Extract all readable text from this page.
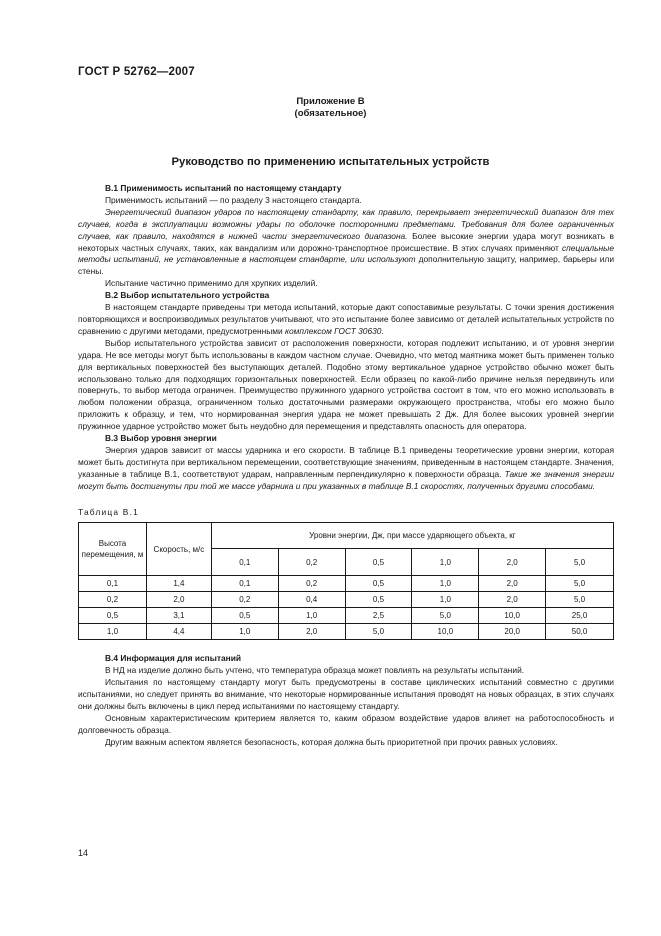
ГОСТ Р 52762—2007
Приложение В
(обязательное)
Руководство по применению испытательных устройств

В.1 Применимость испытаний по настоящему стандарту

Применимость испытаний — по разделу 3 настоящего стандарта.

Энергетический диапазон ударов по настоящему стандарту, как правило, перекрывает энергетический диапазон для тех случаев, когда в эксплуатации возможны удары по оболочке посторонними предметами. Требования для более ограниченных случаев, как правило, находятся в нижней части энергетического диапазона. Более высокие энергии удара могут возникать в некоторых частных случаях, таких, как вандализм или дорожно-транспортное происшествие. В этих случаях применяют специальные методы испытаний, не установленные в настоящем стандарте, или используют дополнительную защиту, например, барьеры или стены.

Испытание частично применимо для хрупких изделий.

В.2 Выбор испытательного устройства

В настоящем стандарте приведены три метода испытаний, которые дают сопоставимые результаты. С точки зрения достижения повторяющихся и воспроизводимых результатов учитывают, что это испытание более зависимо от деталей испытательных устройств по сравнению с другими методами, предусмотренными комплексом ГОСТ 30630.

Выбор испытательного устройства зависит от расположения поверхности, которая подлежит испытанию, и от уровня энергии удара. Не все методы могут быть использованы в каждом частном случае. Очевидно, что метод маятника может быть применен только для вертикальных поверхностей без выступающих деталей. Подобно этому вертикальное ударное устройство обычно может быть использовано только для подходящих горизонтальных поверхностей. Если образец по какой-либо причине нельзя передвинуть или повернуть, то выбор метода ограничен. Преимущество пружинного ударного устройства состоит в том, что его можно использовать в любом положении образца, ограниченном только достаточными размерами окружающего пространства, чтобы его можно было приложить к образцу, и тем, что нормированная энергия удара не может превышать 2 Дж. Для более высоких уровней энергии пружинное ударное устройство может быть неудобно для перемещения и представлять опасность для оператора.

В.3 Выбор уровня энергии

Энергия ударов зависит от массы ударника и его скорости. В таблице В.1 приведены теоретические уровни энергии, которая может быть достигнута при вертикальном перемещении, соответствующие значениям, приведенным в настоящем стандарте. Значения, указанные в таблице В.1, соответствуют ударам, направленным перпендикулярно к поверхности образца. Такие же значения энергии могут быть достигнуты при той же массе ударника и при указанных в таблице В.1 скоростях, полученных другими способами.

Таблица В.1

Высота перемещения, м	Скорость, м/с	Уровни энергии, Дж, при массе ударяющего объекта, кг					
		0,1	0,2	0,5	1,0	2,0	5,0
0,1	1,4	0,1	0,2	0,5	1,0	2,0	5,0
0,2	2,0	0,2	0,4	0,5	1,0	2,0	5,0
0,5	3,1	0,5	1,0	2,5	5,0	10,0	25,0
1,0	4,4	1,0	2,0	5,0	10,0	20,0	50,0

В.4 Информация для испытаний

В НД на изделие должно быть учтено, что температура образца может повлиять на результаты испытаний.

Испытания по настоящему стандарту могут быть предусмотрены в составе циклических испытаний совместно с другими испытаниями, но следует принять во внимание, что некоторые нормированные испытания проводят на новых образцах, в этих случаях они должны быть включены в цикл перед испытаниями по настоящему стандарту.

Основным характеристическим критерием является то, каким образом воздействие ударов влияет на работоспособность и долговечность образца.

Другим важным аспектом является безопасность, которая должна быть приоритетной при прочих равных условиях.

14
